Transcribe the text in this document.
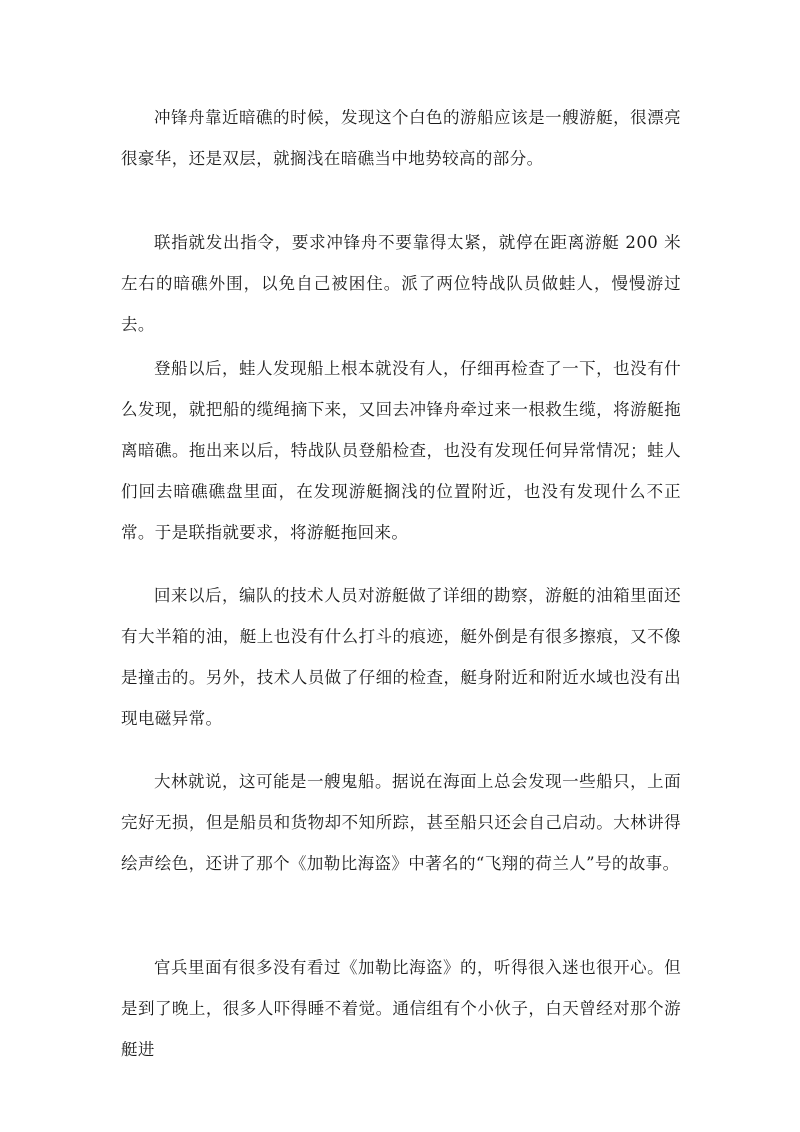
冲锋舟靠近暗礁的时候，发现这个白色的游船应该是一艘游艇，很漂亮很豪华，还是双层，就搁浅在暗礁当中地势较高的部分。

联指就发出指令，要求冲锋舟不要靠得太紧，就停在距离游艇 200 米左右的暗礁外围，以免自己被困住。派了两位特战队员做蛙人，慢慢游过去。

登船以后，蛙人发现船上根本就没有人，仔细再检查了一下，也没有什么发现，就把船的缆绳摘下来，又回去冲锋舟牵过来一根救生缆，将游艇拖离暗礁。拖出来以后，特战队员登船检查，也没有发现任何异常情况；蛙人们回去暗礁礁盘里面，在发现游艇搁浅的位置附近，也没有发现什么不正常。于是联指就要求，将游艇拖回来。

回来以后，编队的技术人员对游艇做了详细的勘察，游艇的油箱里面还有大半箱的油，艇上也没有什么打斗的痕迹，艇外倒是有很多擦痕，又不像是撞击的。另外，技术人员做了仔细的检查，艇身附近和附近水域也没有出现电磁异常。

大林就说，这可能是一艘鬼船。据说在海面上总会发现一些船只，上面完好无损，但是船员和货物却不知所踪，甚至船只还会自己启动。大林讲得绘声绘色，还讲了那个《加勒比海盗》中著名的“飞翔的荷兰人”号的故事。

官兵里面有很多没有看过《加勒比海盗》的，听得很入迷也很开心。但是到了晚上，很多人吓得睡不着觉。通信组有个小伙子，白天曾经对那个游艇进
